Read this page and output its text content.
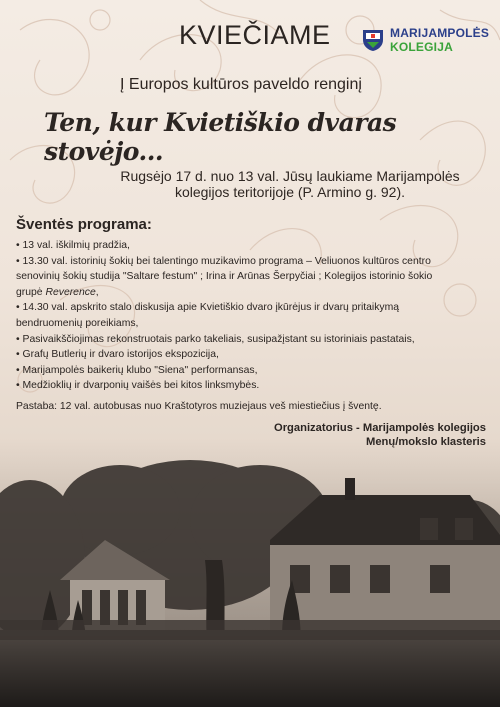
KVIEČIAME	MARIJAMPOLĖS
KOLEGIJA
Į Europos kultūros paveldo renginį
Ten, kur Kvietiškio dvaras stovėjo...
Rugsėjo 17 d. nuo 13 val. Jūsų laukiame Marijampolės kolegijos teritorijoje (P. Armino g. 92).
Šventės programa:
• 13 val. iškilmių pradžia,
• 13.30 val. istorinių šokių bei talentingo muzikavimo programa – Veliuonos kultūros centro
senovinių šokių studija "Saltare festum" ; Irina ir Arūnas Šerpyčiai ; Kolegijos istorinio šokio
grupė Reverence,
• 14.30 val. apskrito stalo diskusija apie Kvietiškio dvaro įkūrėjus ir dvarų pritaikymą
bendruomenių poreikiams,
• Pasivaikščiojimas rekonstruotais parko takeliais, susipažįstant su istoriniais pastatais,
• Grafų Butlerių ir dvaro istorijos ekspozicija,
• Marijampolės baikerių klubo "Siena" performansas,
• Medžioklių ir dvarponių vaišės bei kitos linksmybės.
Pastaba: 12 val. autobusas nuo Kraštotyros muziejaus veš miestiečius į šventę.
Organizatorius - Marijampolės kolegijos
